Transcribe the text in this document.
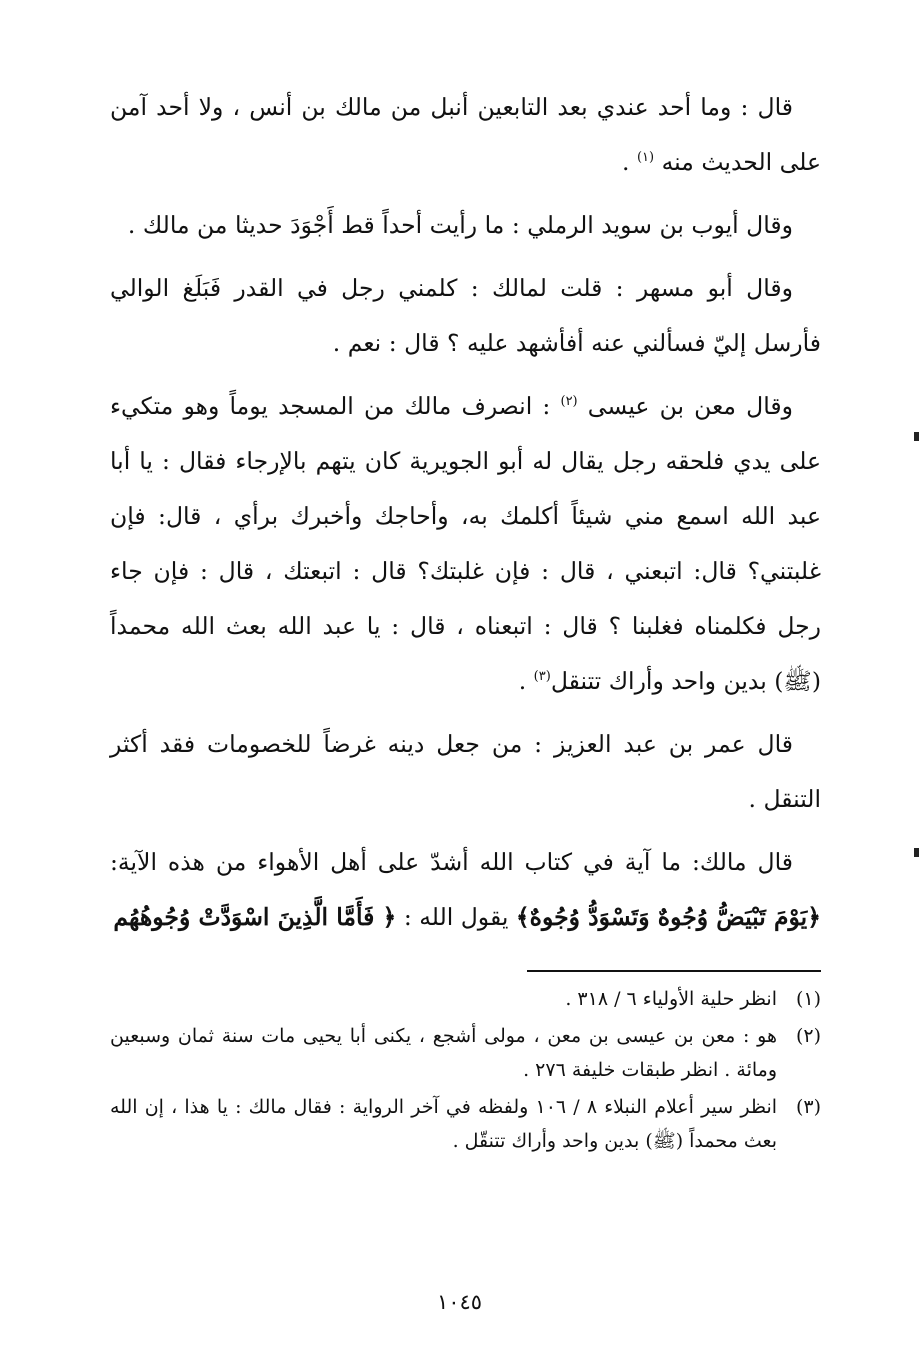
قال : وما أحد عندي بعد التابعين أنبل من مالك بن أنس ، ولا أحد آمن على الحديث منه $^{(١)}$ .

وقال أيوب بن سويد الرملي : ما رأيت أحداً قط أَجْوَدَ حديثا من مالك .

وقال أبو مسهر : قلت لمالك : كلمني رجل في القدر فَبَلَغ الوالي فأرسل إليّ فسألني عنه أفأشهد عليه ؟ قال : نعم .

وقال معن بن عيسى $^{(٢)}$ : انصرف مالك من المسجد يوماً وهو متكيء على يدي فلحقه رجل يقال له أبو الجويرية كان يتهم بالإرجاء فقال : يا أبا عبد الله اسمع مني شيئاً أكلمك به، وأحاجك وأخبرك برأي ، قال: فإن غلبتني؟ قال: اتبعني ، قال : فإن غلبتك؟ قال : اتبعتك ، قال : فإن جاء رجل فكلمناه فغلبنا ؟ قال : اتبعناه ، قال : يا عبد الله بعث الله محمداً (ﷺ) بدين واحد وأراك تتنقل$^{(٣)}$ .

قال عمر بن عبد العزيز : من جعل دينه غرضاً للخصومات فقد أكثر التنقل .

قال مالك: ما آية في كتاب الله أشدّ على أهل الأهواء من هذه الآية: ﴿يَوْمَ تَبْيَضُّ وُجُوهٌ وَتَسْوَدُّ وُجُوهٌ﴾ يقول الله : ﴿ فَأَمَّا الَّذِينَ اسْوَدَّتْ وُجُوهُهُم

(١)
انظر حلية الأولياء ٦ / ٣١٨ .
(٢)
هو : معن بن عيسى بن معن ، مولى أشجع ، يكنى أبا يحيى مات سنة ثمان وسبعين ومائة . انظر طبقات خليفة ٢٧٦ .
(٣)
انظر سير أعلام النبلاء ٨ / ١٠٦ ولفظه في آخر الرواية : فقال مالك : يا هذا ، إن الله بعث محمداً (ﷺ) بدين واحد وأراك تتنقّل .
١٠٤٥
